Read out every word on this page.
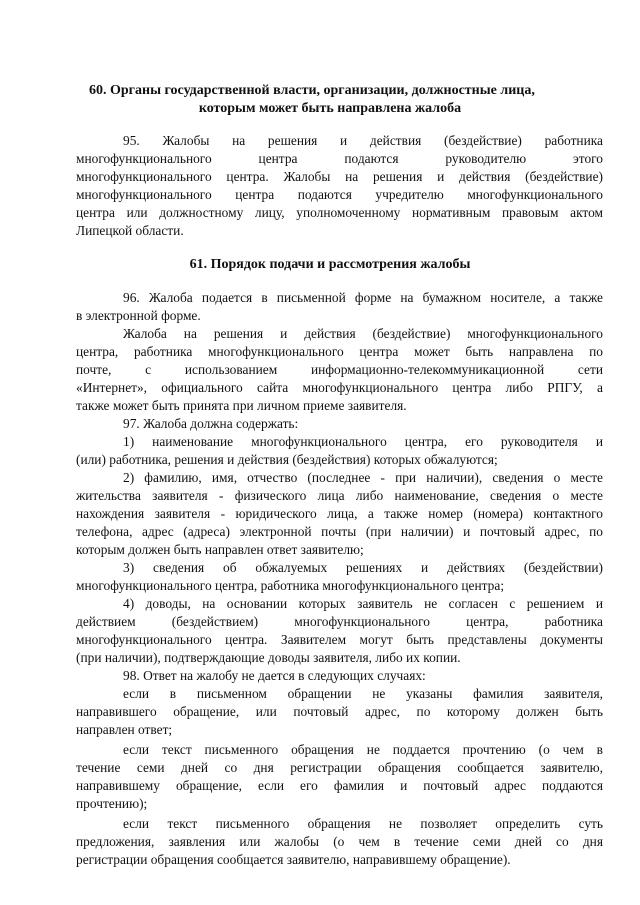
60. Органы государственной власти, организации, должностные лица,
которым может быть направлена жалоба
95. Жалобы на решения и действия (бездействие) работника
многофункционального центра подаются руководителю этого
многофункционального центра. Жалобы на решения и действия (бездействие)
многофункционального центра подаются учредителю многофункционального
центра или должностному лицу, уполномоченному нормативным правовым актом
Липецкой области.
61. Порядок подачи и рассмотрения жалобы
96. Жалоба подается в письменной форме на бумажном носителе, а также
в электронной форме.
Жалоба на решения и действия (бездействие) многофункционального
центра, работника многофункционального центра может быть направлена по
почте, с использованием информационно-телекоммуникационной сети
«Интернет», официального сайта многофункционального центра либо РПГУ, а
также может быть принята при личном приеме заявителя.
97. Жалоба должна содержать:
1) наименование многофункционального центра, его руководителя и
(или) работника, решения и действия (бездействия) которых обжалуются;
2) фамилию, имя, отчество (последнее - при наличии), сведения о месте
жительства заявителя - физического лица либо наименование, сведения о месте
нахождения заявителя - юридического лица, а также номер (номера) контактного
телефона, адрес (адреса) электронной почты (при наличии) и почтовый адрес, по
которым должен быть направлен ответ заявителю;
3) сведения об обжалуемых решениях и действиях (бездействии)
многофункционального центра, работника многофункционального центра;
4) доводы, на основании которых заявитель не согласен с решением и
действием (бездействием) многофункционального центра, работника
многофункционального центра. Заявителем могут быть представлены документы
(при наличии), подтверждающие доводы заявителя, либо их копии.
98. Ответ на жалобу не дается в следующих случаях:
если в письменном обращении не указаны фамилия заявителя,
направившего обращение, или почтовый адрес, по которому должен быть
направлен ответ;
если текст письменного обращения не поддается прочтению (о чем в
течение семи дней со дня регистрации обращения сообщается заявителю,
направившему обращение, если его фамилия и почтовый адрес поддаются
прочтению);
если текст письменного обращения не позволяет определить суть
предложения, заявления или жалобы (о чем в течение семи дней со дня
регистрации обращения сообщается заявителю, направившему обращение).
